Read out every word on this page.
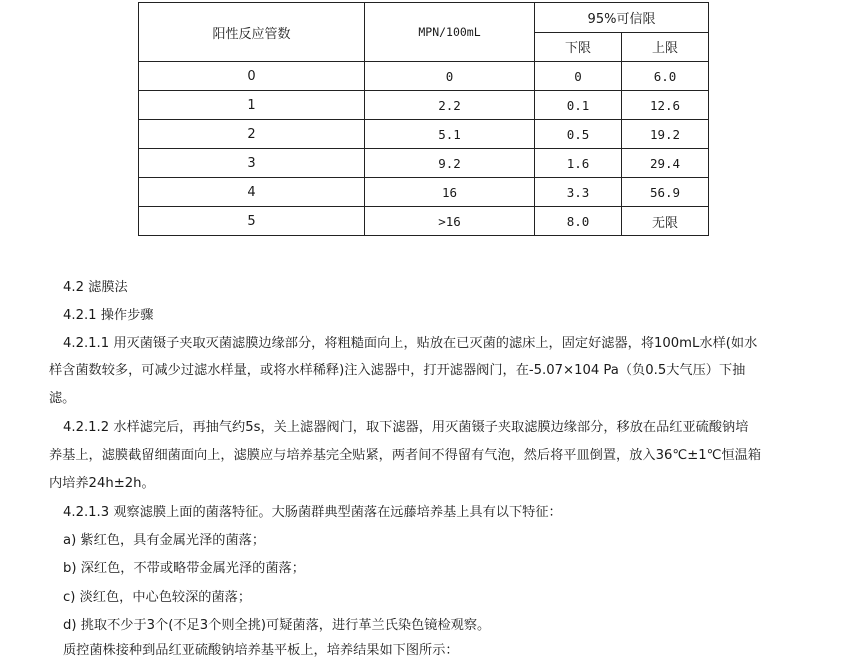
阳性反应管数	MPN/100mL	95%可信限	
		下限	上限
0	0	0	6.0
1	2.2	0.1	12.6
2	5.1	0.5	19.2
3	9.2	1.6	29.4
4	16	3.3	56.9
5	>16	8.0	无限
4.2 滤膜法
4.2.1 操作步骤
4.2.1.1 用灭菌镊子夹取灭菌滤膜边缘部分，将粗糙面向上，贴放在已灭菌的滤床上，固定好滤器，将100mL水样(如水
样含菌数较多，可减少过滤水样量，或将水样稀释)注入滤器中，打开滤器阀门，在-5.07×104 Pa（负0.5大气压）下抽
滤。
4.2.1.2 水样滤完后，再抽气约5s，关上滤器阀门，取下滤器，用灭菌镊子夹取滤膜边缘部分，移放在品红亚硫酸钠培
养基上，滤膜截留细菌面向上，滤膜应与培养基完全贴紧，两者间不得留有气泡，然后将平皿倒置，放入36℃±1℃恒温箱
内培养24h±2h。
4.2.1.3 观察滤膜上面的菌落特征。大肠菌群典型菌落在远藤培养基上具有以下特征：
a) 紫红色，具有金属光泽的菌落；
b) 深红色，不带或略带金属光泽的菌落；
c) 淡红色，中心色较深的菌落；
d) 挑取不少于3个(不足3个则全挑)可疑菌落，进行革兰氏染色镜检观察。
质控菌株接种到品红亚硫酸钠培养基平板上，培养结果如下图所示：
